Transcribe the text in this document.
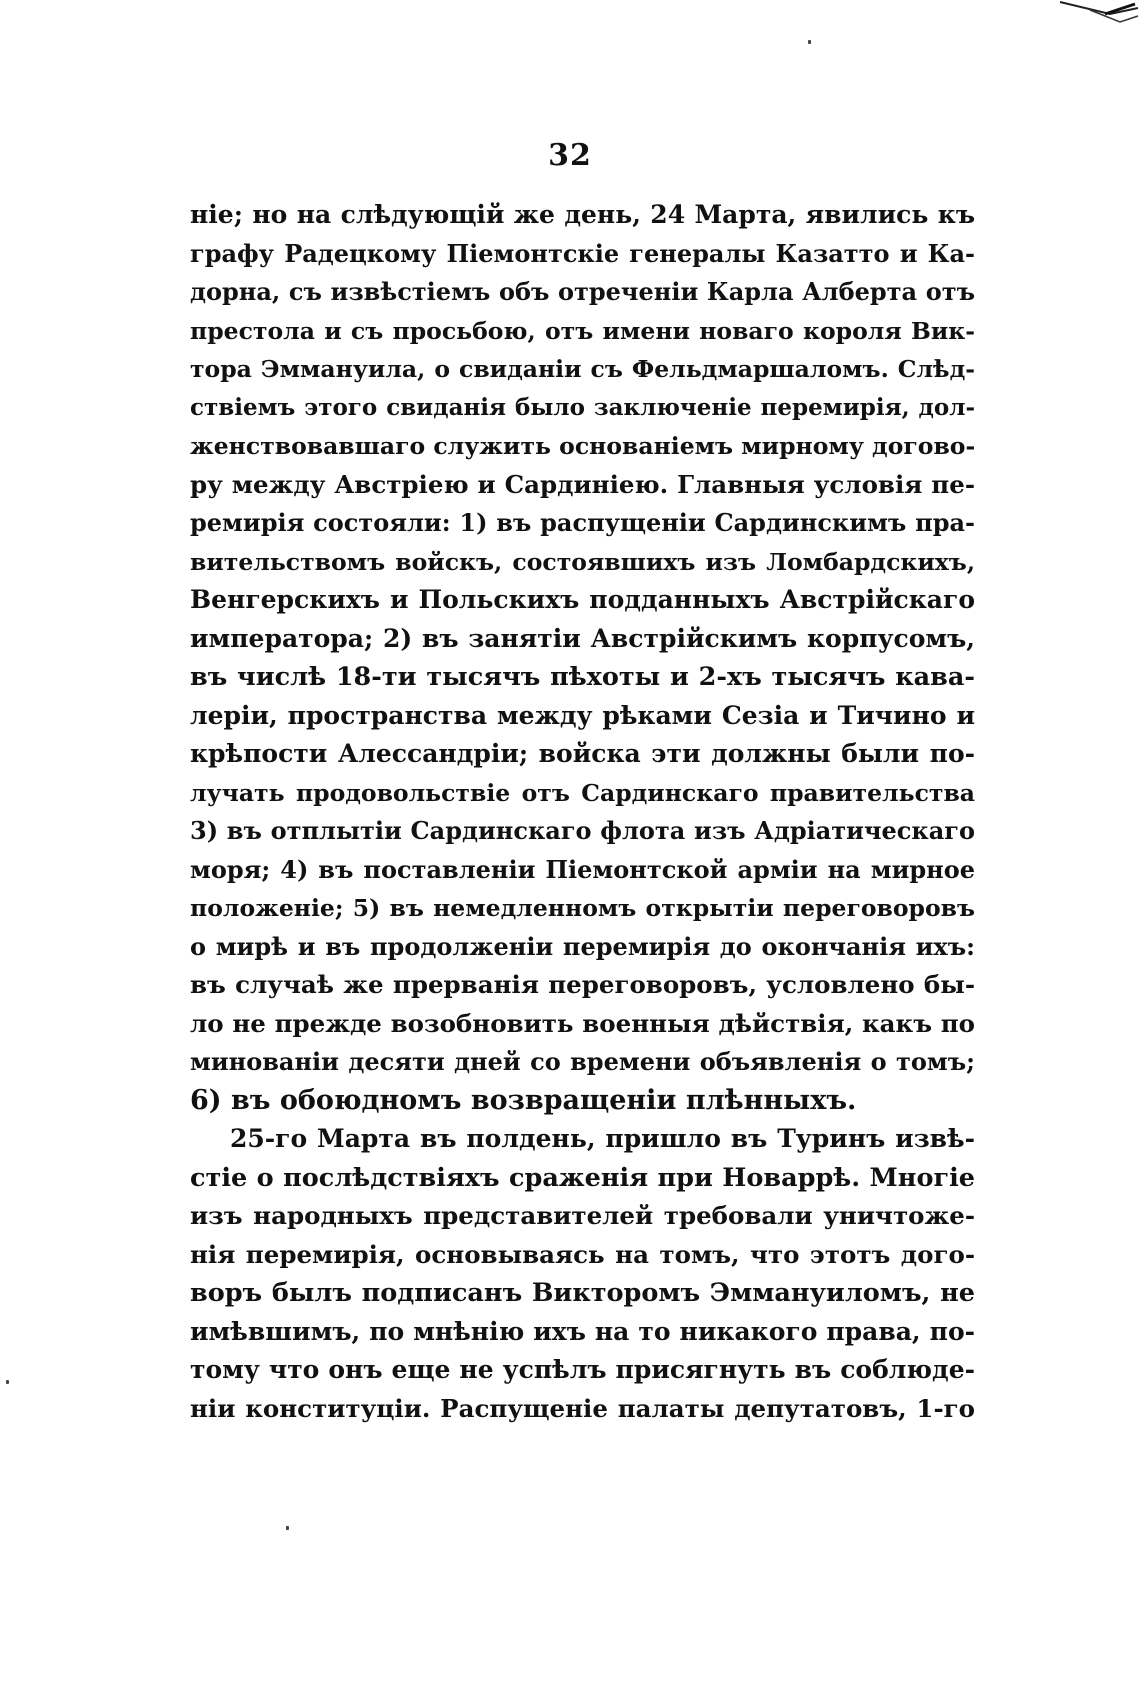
32
ніе; но на слѣдующій же день, 24 Марта, явились къ
графу Радецкому Піемонтскіе генералы Казатто и Ка-
дорна, съ извѣстіемъ объ отреченіи Карла Алберта отъ
престола и съ просьбою, отъ имени новаго короля Вик-
тора Эммануила, о свиданіи съ Фельдмаршаломъ. Слѣд-
ствіемъ этого свиданія было заключеніе перемирія, дол-
женствовавшаго служить основаніемъ мирному догово-
ру между Австріею и Сардиніею. Главныя условія пе-
ремирія состояли: 1) въ распущеніи Сардинскимъ пра-
вительствомъ войскъ, состоявшихъ изъ Ломбардскихъ,
Венгерскихъ и Польскихъ подданныхъ Австрійскаго
императора; 2) въ занятіи Австрійскимъ корпусомъ,
въ числѣ 18-ти тысячъ пѣхоты и 2-хъ тысячъ кава-
леріи, пространства между рѣками Сезіа и Тичино и
крѣпости Алессандріи; войска эти должны были по-
лучать продовольствіе отъ Сардинскаго правительства
3) въ отплытіи Сардинскаго флота изъ Адріатическаго
моря; 4) въ поставленіи Піемонтской арміи на мирное
положеніе; 5) въ немедленномъ открытіи переговоровъ
о мирѣ и въ продолженіи перемирія до окончанія ихъ:
въ случаѣ же прерванія переговоровъ, условлено бы-
ло не прежде возобновить военныя дѣйствія, какъ по
минованіи десяти дней со времени объявленія о томъ;
6) въ обоюдномъ возвращеніи плѣнныхъ.
25-го Марта въ полдень, пришло въ Туринъ извѣ-
стіе о послѣдствіяхъ сраженія при Новаррѣ. Многіе
изъ народныхъ представителей требовали уничтоже-
нія перемирія, основываясь на томъ, что этотъ дого-
воръ былъ подписанъ Викторомъ Эммануиломъ, не
имѣвшимъ, по мнѣнію ихъ на то никакого права, по-
тому что онъ еще не успѣлъ присягнуть въ соблюде-
ніи конституціи. Распущеніе палаты депутатовъ, 1-го
